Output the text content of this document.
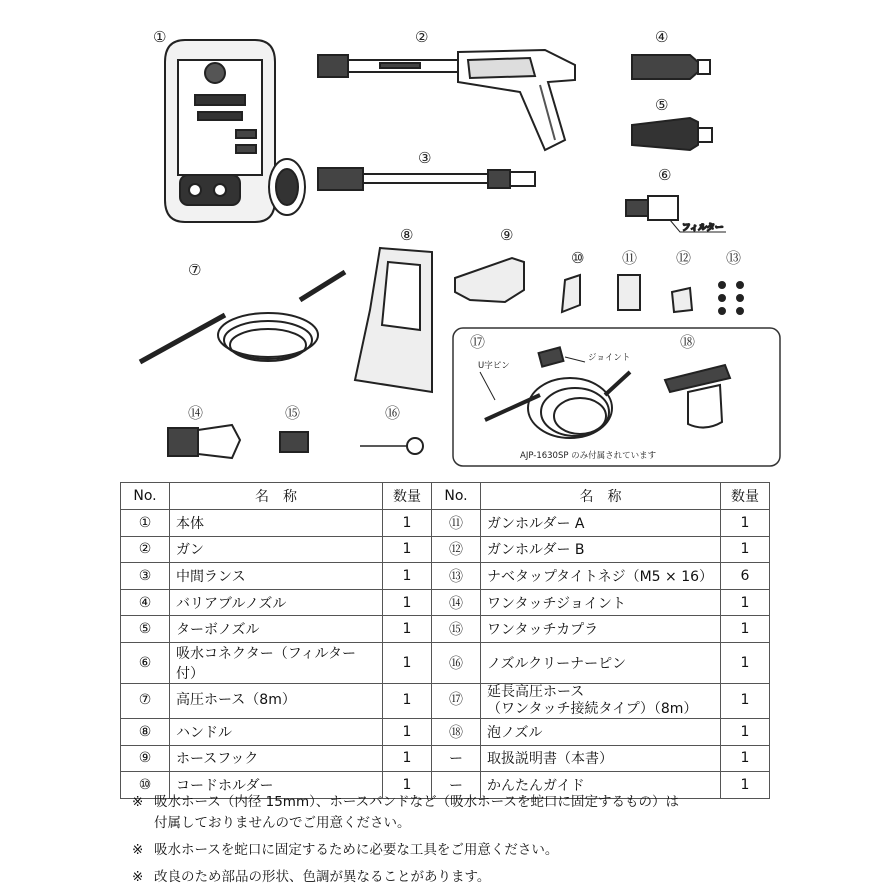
①	②	④
⑤
③
⑥
⑧	⑨
⑦
⑩	⑪	⑫ ⑬
⑭	⑮	⑯
⑰	⑱
フィルター
U字ピン
ジョイント
AJP-1630SP のみ付属されています
No.	名　称	数量	No.	名　称	数量
①	本体	1	⑪	ガンホルダー A	1
②	ガン	1	⑫	ガンホルダー B	1
③	中間ランス	1	⑬	ナベタップタイトネジ（M5 × 16）	6
④	バリアブルノズル	1	⑭	ワンタッチジョイント	1
⑤	ターボノズル	1	⑮	ワンタッチカプラ	1
⑥	吸水コネクター（フィルター付）	1	⑯	ノズルクリーナーピン	1
⑦	高圧ホース（8m）	1	⑰	延長高圧ホース
（ワンタッチ接続タイプ）（8m）	1
⑧	ハンドル	1	⑱	泡ノズル	1
⑨	ホースフック	1	ー	取扱説明書（本書）	1
⑩	コードホルダー	1	ー	かんたんガイド	1
※ 吸水ホース（内径 15mm）、ホースバンドなど（吸水ホースを蛇口に固定するもの）は
付属しておりませんのでご用意ください。
※ 吸水ホースを蛇口に固定するために必要な工具をご用意ください。
※ 改良のため部品の形状、色調が異なることがあります。
